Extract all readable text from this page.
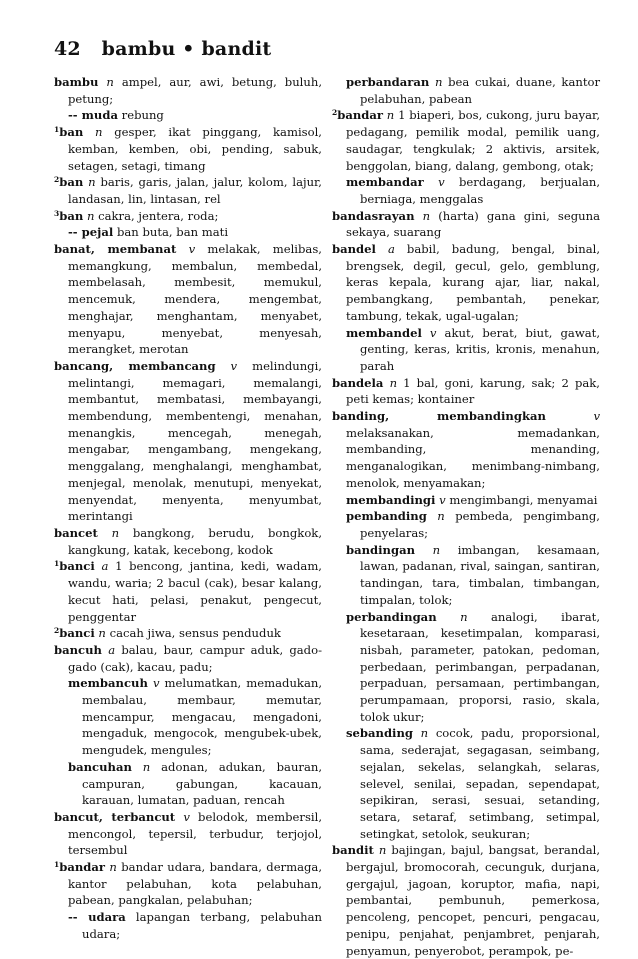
42 bambu • bandit

bambu n ampel, aur, awi, betung, buluh, petung;

-- muda rebung

$^1$ban n gesper, ikat pinggang, kamisol, kemban, kemben, obi, pending, sabuk, setagen, setagi, timang

$^2$ban n baris, garis, jalan, jalur, kolom, lajur, landasan, lin, lintasan, rel

$^3$ban n cakra, jentera, roda;

-- pejal ban buta, ban mati

banat, membanat v melakak, melibas, memangkung, membalun, membedal, membelasah, membesit, memukul, mencemuk, mendera, mengembat, menghajar, menghantam, menyabet, menyapu, menyebat, menyesah, merangket, merotan

bancang, membancang v melindungi, melintangi, memagari, memalangi, membantut, membatasi, membayangi, membendung, membentengi, menahan, menangkis, mencegah, menegah, mengabar, mengambang, mengekang, menggalang, menghalangi, menghambat, menjegal, menolak, menutupi, menyekat, menyendat, menyenta, menyumbat, merintangi

bancet n bangkong, berudu, bongkok, kangkung, katak, kecebong, kodok

$^1$banci a 1 bencong, jantina, kedi, wadam, wandu, waria; 2 bacul (cak), besar kalang, kecut hati, pelasi, penakut, pengecut, penggentar

$^2$banci n cacah jiwa, sensus penduduk

bancuh a balau, baur, campur aduk, gado-gado (cak), kacau, padu;

membancuh v melumatkan, memadukan, membalau, membaur, memutar, mencampur, mengacau, mengadoni, mengaduk, mengocok, mengubek-ubek, mengudek, mengules;

bancuhan n adonan, adukan, bauran, campuran, gabungan, kacauan, karauan, lumatan, paduan, rencah

bancut, terbancut v belodok, membersil, mencongol, tepersil, terbudur, terjojol, tersembul

$^1$bandar n bandar udara, bandara, dermaga, kantor pelabuhan, kota pelabuhan, pabean, pangkalan, pelabuhan;

-- udara lapangan terbang, pelabuhan udara;

perbandaran n bea cukai, duane, kantor pelabuhan, pabean

$^2$bandar n 1 biaperi, bos, cukong, juru bayar, pedagang, pemilik modal, pemilik uang, saudagar, tengkulak; 2 aktivis, arsitek, benggolan, biang, dalang, gembong, otak;

membandar v berdagang, berjualan, berniaga, menggalas

bandasrayan n (harta) gana gini, seguna sekaya, suarang

bandel a babil, badung, bengal, binal, brengsek, degil, gecul, gelo, gemblung, keras kepala, kurang ajar, liar, nakal, pembangkang, pembantah, penekar, tambung, tekak, ugal-ugalan;

membandel v akut, berat, biut, gawat, genting, keras, kritis, kronis, menahun, parah

bandela n 1 bal, goni, karung, sak; 2 pak, peti kemas; kontainer

banding, membandingkan	v melaksanakan, memadankan, membanding, menanding, menganalogikan, menimbang-nimbang, menolok, menyamakan;

membandingi v mengimbangi, menyamai

pembanding n pembeda, pengimbang, penyelaras;

bandingan n imbangan, kesamaan, lawan, padanan, rival, saingan, santiran, tandingan, tara, timbalan, timbangan, timpalan, tolok;

perbandingan n analogi, ibarat, kesetaraan, kesetimpalan, komparasi, nisbah, parameter, patokan, pedoman, perbedaan, perimbangan, perpadanan, perpaduan, persamaan, pertimbangan, perumpamaan, proporsi, rasio, skala, tolok ukur;

sebanding n cocok, padu, proporsional, sama, sederajat, segagasan, seimbang, sejalan, sekelas, selangkah, selaras, selevel, senilai, sepadan, sependapat, sepikiran, serasi, sesuai, setanding, setara, setaraf, setimbang, setimpal, setingkat, setolok, seukuran;

bandit n bajingan, bajul, bangsat, berandal, bergajul, bromocorah, cecunguk, durjana, gergajul, jagoan, koruptor, mafia, napi, pembantai, pembunuh, pemerkosa, pencoleng, pencopet, pencuri, pengacau, penipu, penjahat, penjambret, penjarah, penyamun, penyerobot, perampok, pe-
